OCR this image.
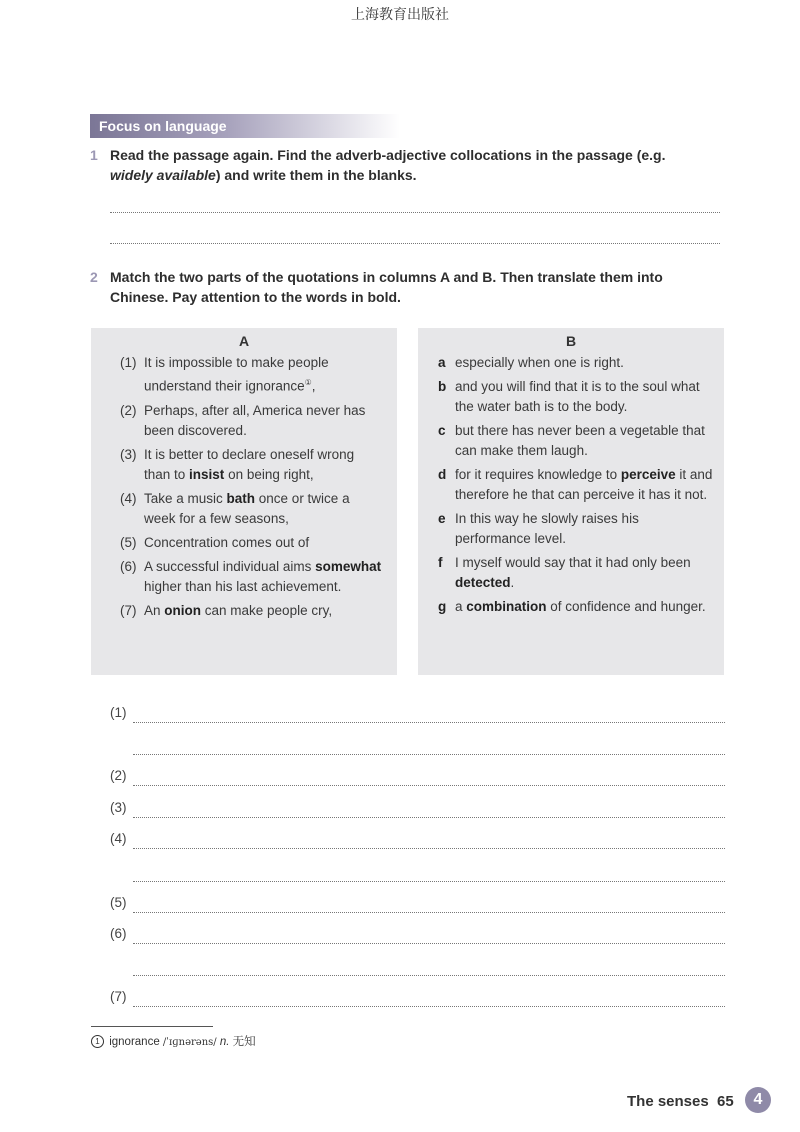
上海教育出版社
Focus on language
1 Read the passage again. Find the adverb-adjective collocations in the passage (e.g. widely available) and write them in the blanks.
2 Match the two parts of the quotations in columns A and B. Then translate them into Chinese. Pay attention to the words in bold.
A
(1) It is impossible to make people understand their ignorance①,
(2) Perhaps, after all, America never has been discovered.
(3) It is better to declare oneself wrong than to insist on being right,
(4) Take a music bath once or twice a week for a few seasons,
(5) Concentration comes out of
(6) A successful individual aims somewhat higher than his last achievement.
(7) An onion can make people cry,
B
a especially when one is right.
b and you will find that it is to the soul what the water bath is to the body.
c but there has never been a vegetable that can make them laugh.
d for it requires knowledge to perceive it and therefore he that can perceive it has it not.
e In this way he slowly raises his performance level.
f I myself would say that it had only been detected.
g a combination of confidence and hunger.
(1)
(2)
(3)
(4)
(5)
(6)
(7)
1 ignorance /ˈɪɡnərəns/ n. 无知
The senses 65	4
